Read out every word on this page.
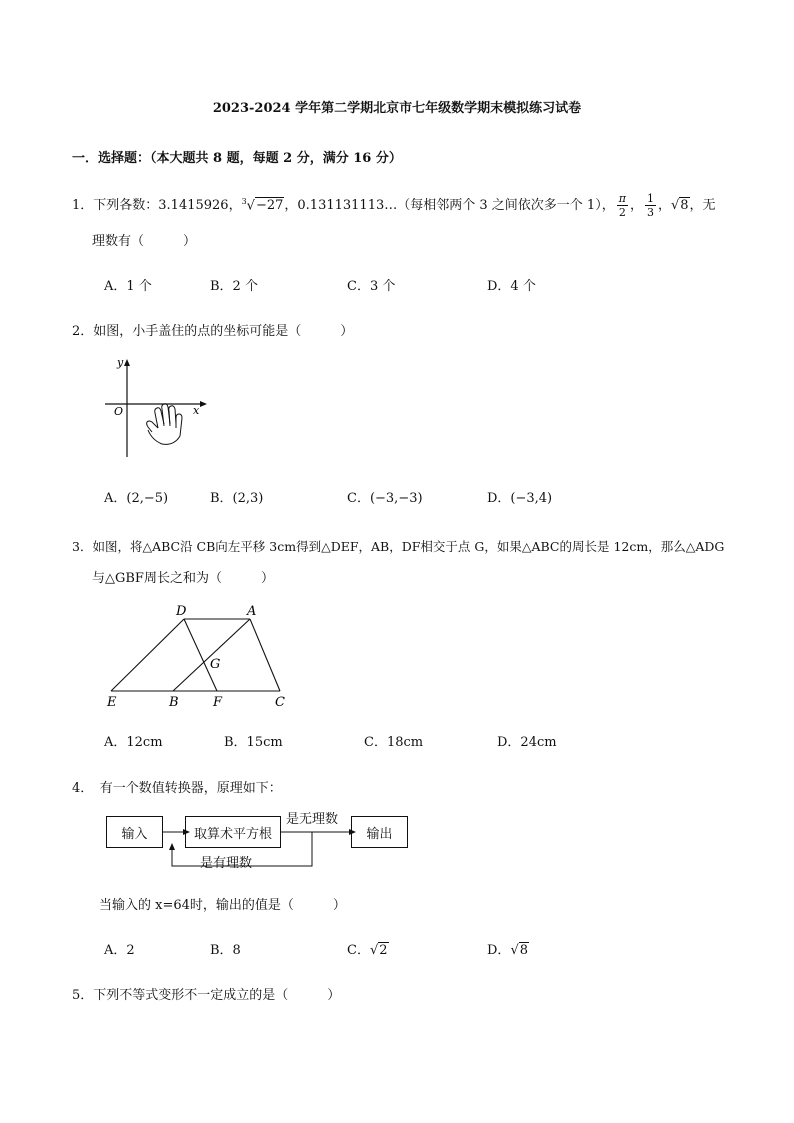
2023-2024 学年第二学期北京市七年级数学期末模拟练习试卷
一．选择题：（本大题共 8 题，每题 2 分，满分 16 分）
1．下列各数：3.1415926，$^3$√−27，0.131131113…（每相邻两个 3 之间依次多一个 1）， $\frac{\pi}{2}$ ， $\frac{1}{3}$ ，√8，无
理数有（　　　）
A．1 个	B．2 个	C．3 个	D．4 个
2．如图，小手盖住的点的坐标可能是（　　　）
y
x
O
A．(2,−5)	B．(2,3)	C．(−3,−3)	D．(−3,4)
3．如图，将△ABC沿 CB向左平移 3cm得到△DEF，AB，DF相交于点 G，如果△ABC的周长是 12cm，那么△ADG
与△GBF周长之和为（　　　）
D	A
G
E	B	F	C
A．12cm	B．15cm	C．18cm	D．24cm
4．　有一个数值转换器，原理如下：
输入	取算术平方根	输出
是无理数
是有理数
当输入的 x=64时，输出的值是（　　　）
A．2	B．8	C．√2	D．√8
5．下列不等式变形不一定成立的是（　　　）
